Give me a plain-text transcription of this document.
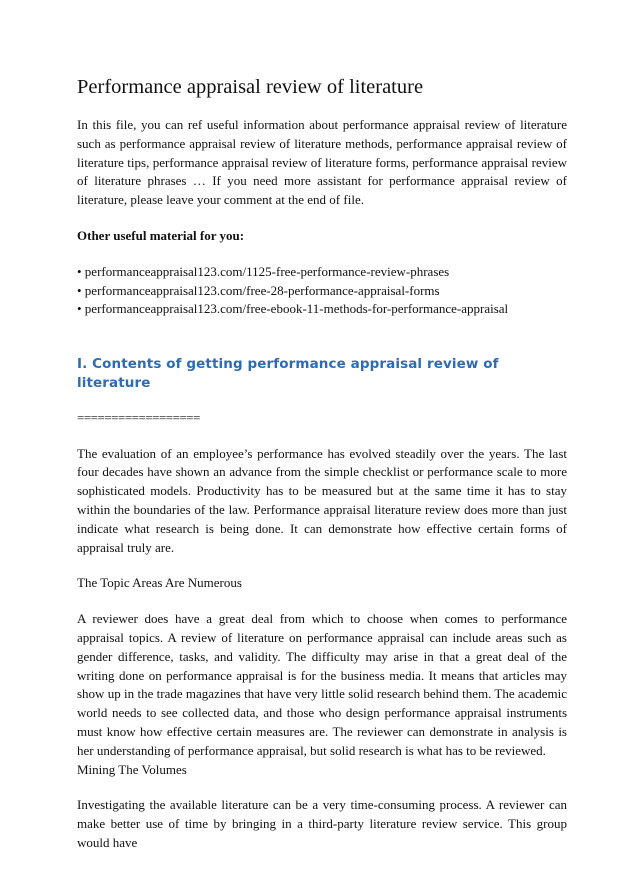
Performance appraisal review of literature

In this file, you can ref useful information about performance appraisal review of literature such as performance appraisal review of literature methods, performance appraisal review of literature tips, performance appraisal review of literature forms, performance appraisal review of literature phrases … If you need more assistant for performance appraisal review of literature, please leave your comment at the end of file.

Other useful material for you:
• performanceappraisal123.com/1125-free-performance-review-phrases
• performanceappraisal123.com/free-28-performance-appraisal-forms
• performanceappraisal123.com/free-ebook-11-methods-for-performance-appraisal
I. Contents of getting performance appraisal review of literature
==================

The evaluation of an employee’s performance has evolved steadily over the years. The last four decades have shown an advance from the simple checklist or performance scale to more sophisticated models. Productivity has to be measured but at the same time it has to stay within the boundaries of the law. Performance appraisal literature review does more than just indicate what research is being done. It can demonstrate how effective certain forms of appraisal truly are.

The Topic Areas Are Numerous

A reviewer does have a great deal from which to choose when comes to performance appraisal topics. A review of literature on performance appraisal can include areas such as gender difference, tasks, and validity. The difficulty may arise in that a great deal of the writing done on performance appraisal is for the business media. It means that articles may show up in the trade magazines that have very little solid research behind them. The academic world needs to see collected data, and those who design performance appraisal instruments must know how effective certain measures are. The reviewer can demonstrate in analysis is her understanding of performance appraisal, but solid research is what has to be reviewed.

Mining The Volumes

Investigating the available literature can be a very time-consuming process. A reviewer can make better use of time by bringing in a third-party literature review service. This group would have
